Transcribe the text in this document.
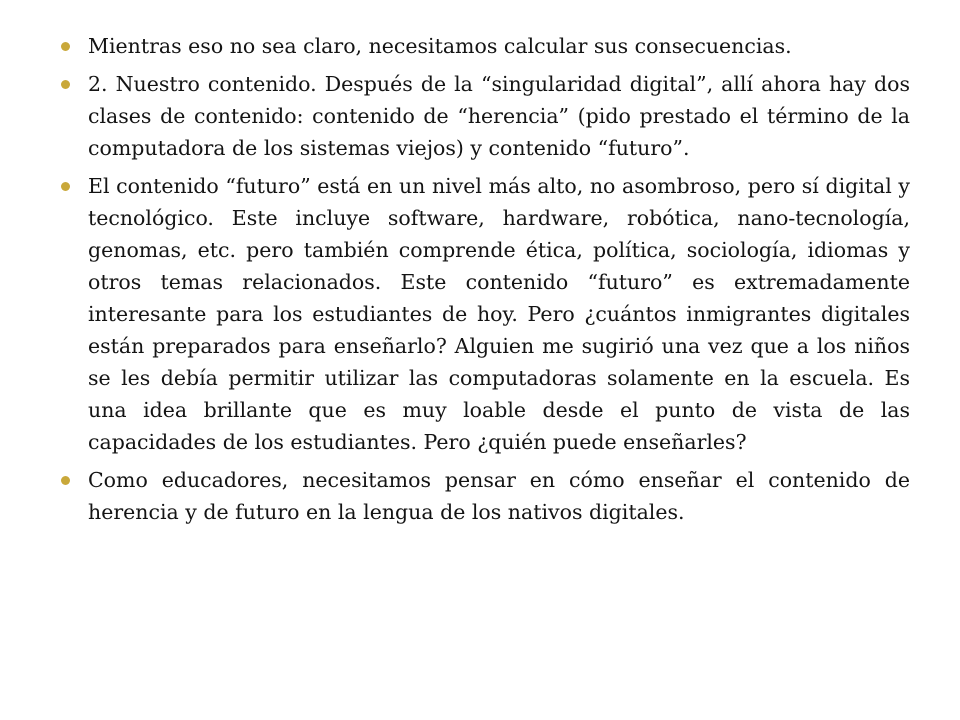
Mientras eso no sea claro, necesitamos calcular sus consecuencias.
2. Nuestro contenido. Después de la “singularidad digital”, allí ahora hay dos clases de contenido: contenido de “herencia” (pido prestado el término de la computadora de los sistemas viejos) y contenido “futuro”.
El contenido “futuro” está en un nivel más alto, no asombroso, pero sí digital y tecnológico. Este incluye software, hardware, robótica, nano-tecnología, genomas, etc. pero también comprende ética, política, sociología, idiomas y otros temas relacionados. Este contenido “futuro” es extremadamente interesante para los estudiantes de hoy. Pero ¿cuántos inmigrantes digitales están preparados para enseñarlo? Alguien me sugirió una vez que a los niños se les debía permitir utilizar las computadoras solamente en la escuela. Es una idea brillante que es muy loable desde el punto de vista de las capacidades de los estudiantes. Pero ¿quién puede enseñarles?
Como educadores, necesitamos pensar en cómo enseñar el contenido de herencia y de futuro en la lengua de los nativos digitales.
